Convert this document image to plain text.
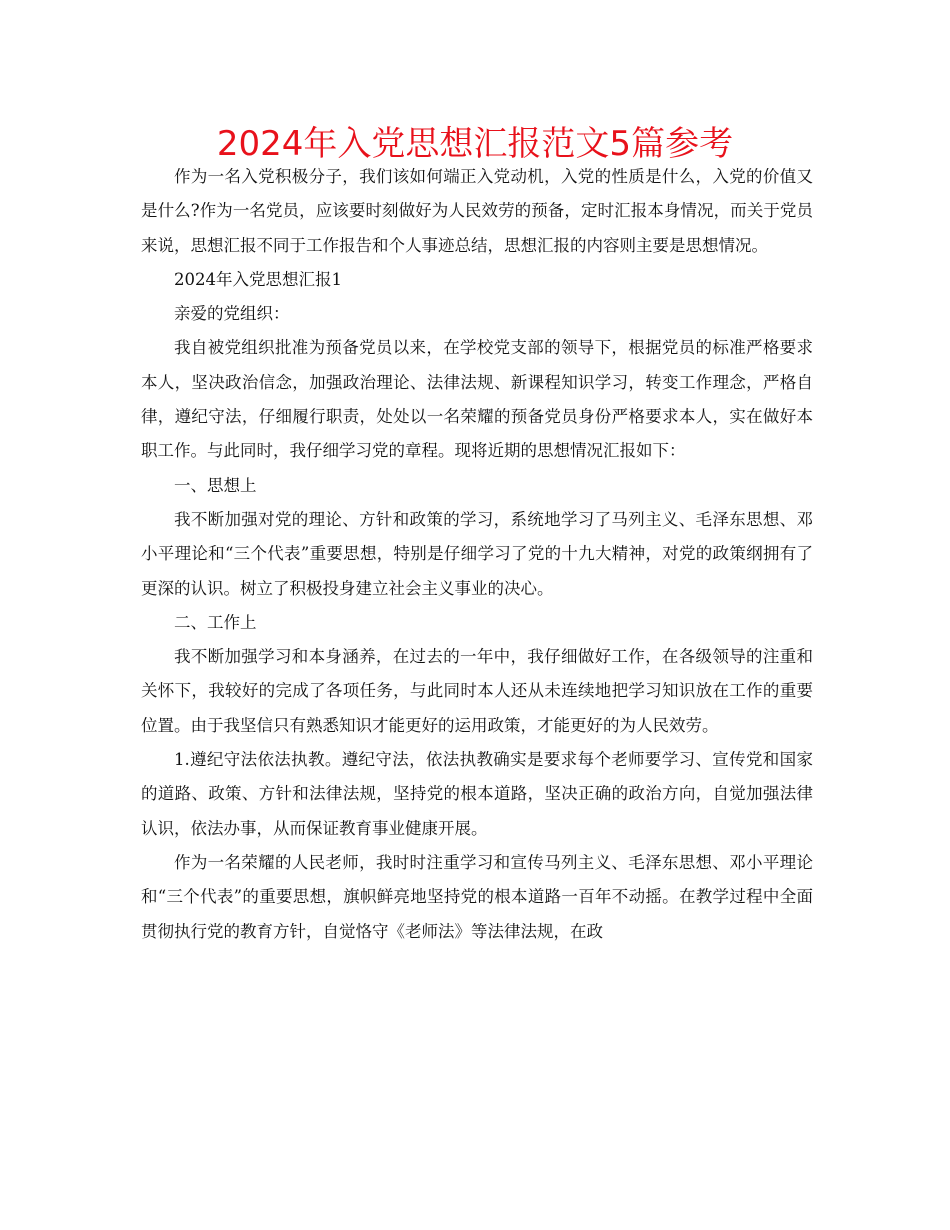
2024年入党思想汇报范文5篇参考

作为一名入党积极分子，我们该如何端正入党动机，入党的性质是什么，入党的价值又是什么?作为一名党员，应该要时刻做好为人民效劳的预备，定时汇报本身情况，而关于党员来说，思想汇报不同于工作报告和个人事迹总结，思想汇报的内容则主要是思想情况。

2024年入党思想汇报1

亲爱的党组织：

我自被党组织批准为预备党员以来，在学校党支部的领导下，根据党员的标准严格要求本人，坚决政治信念，加强政治理论、法律法规、新课程知识学习，转变工作理念，严格自律，遵纪守法，仔细履行职责，处处以一名荣耀的预备党员身份严格要求本人，实在做好本职工作。与此同时，我仔细学习党的章程。现将近期的思想情况汇报如下：

一、思想上

我不断加强对党的理论、方针和政策的学习，系统地学习了马列主义、毛泽东思想、邓小平理论和“三个代表”重要思想，特别是仔细学习了党的十九大精神，对党的政策纲拥有了更深的认识。树立了积极投身建立社会主义事业的决心。

二、工作上

我不断加强学习和本身涵养，在过去的一年中，我仔细做好工作，在各级领导的注重和关怀下，我较好的完成了各项任务，与此同时本人还从未连续地把学习知识放在工作的重要位置。由于我坚信只有熟悉知识才能更好的运用政策，才能更好的为人民效劳。

1.遵纪守法依法执教。遵纪守法，依法执教确实是要求每个老师要学习、宣传党和国家的道路、政策、方针和法律法规，坚持党的根本道路，坚决正确的政治方向，自觉加强法律认识，依法办事，从而保证教育事业健康开展。

作为一名荣耀的人民老师，我时时注重学习和宣传马列主义、毛泽东思想、邓小平理论和“三个代表”的重要思想，旗帜鲜亮地坚持党的根本道路一百年不动摇。在教学过程中全面贯彻执行党的教育方针，自觉恪守《老师法》等法律法规，在政
